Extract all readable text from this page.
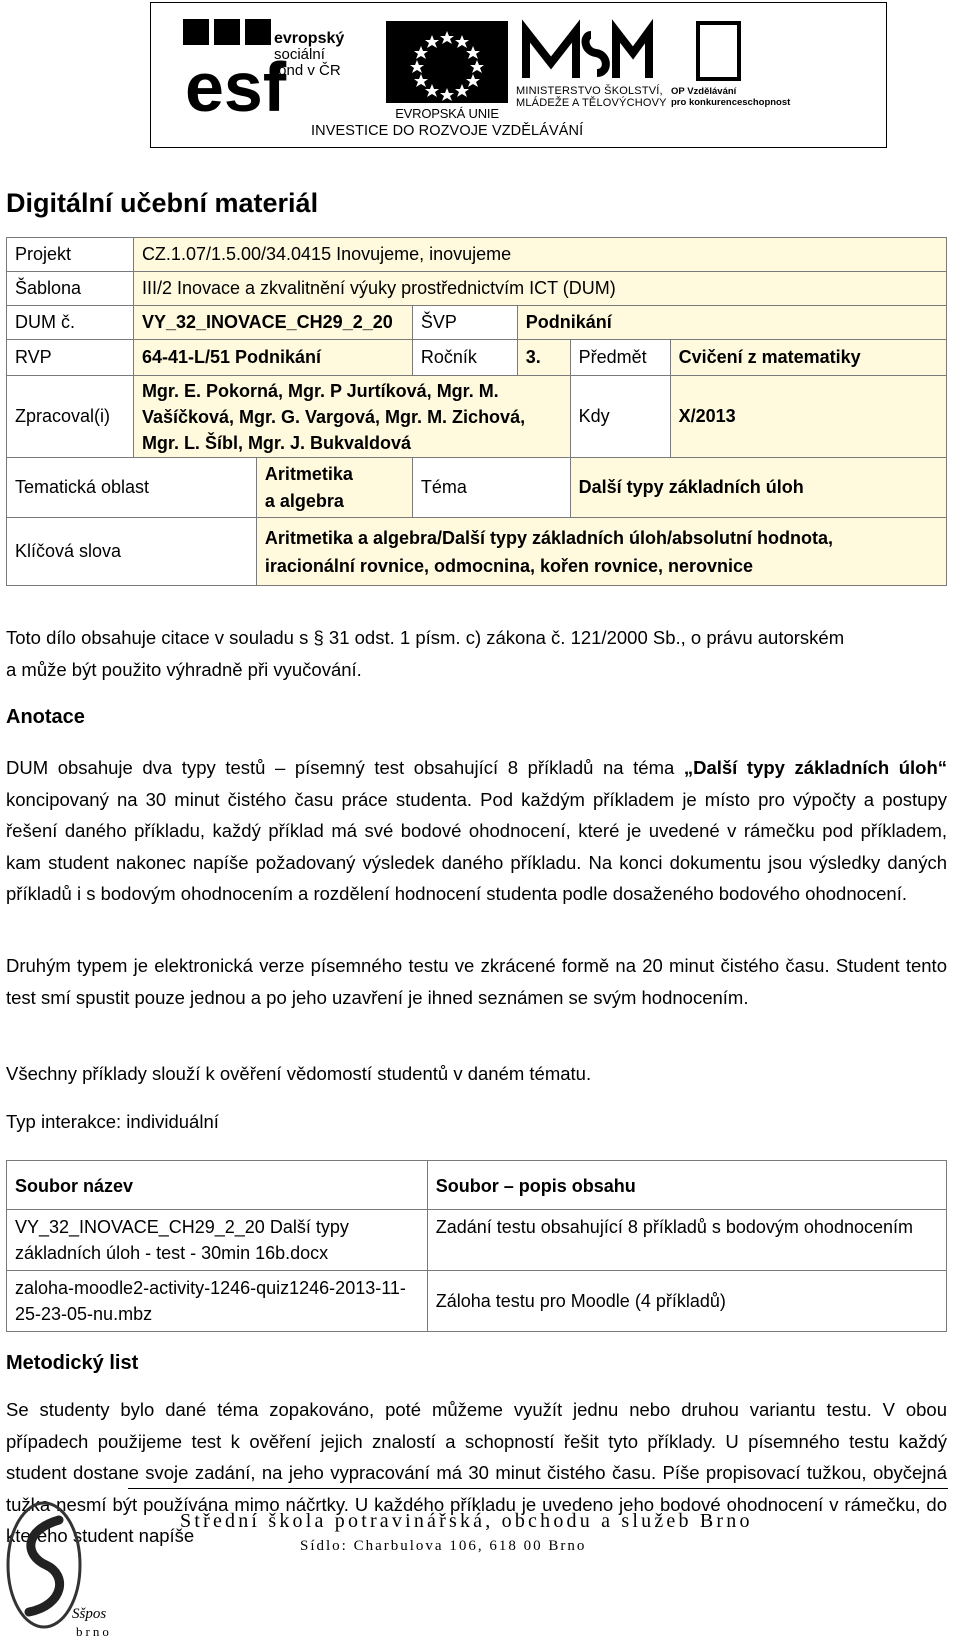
esf
evropský
sociální
fond v ČR
EVROPSKÁ UNIE
MINISTERSTVO ŠKOLSTVÍ,
MLÁDEŽE A TĚLOVÝCHOVY
OP Vzdělávání
pro konkurenceschopnost
INVESTICE DO ROZVOJE VZDĚLÁVÁNÍ
Digitální učební materiál
Projekt	CZ.1.07/1.5.00/34.0415 Inovujeme, inovujeme					
Šablona	III/2 Inovace a zkvalitnění výuky prostřednictvím ICT (DUM)					
DUM č.	VY_32_INOVACE_CH29_2_20		ŠVP	Podnikání		
RVP	64-41-L/51 Podnikání		Ročník	3.	Předmět	Cvičení z matematiky
Zpracoval(i)	Mgr. E. Pokorná, Mgr. P Jurtíková, Mgr. M.
Vašíčková, Mgr. G. Vargová, Mgr. M. Zichová,
Mgr. L. Šíbl, Mgr. J. Bukvaldová				Kdy	X/2013
Tematická oblast		Aritmetika
a algebra	Téma		Další typy základních úloh	
Klíčová slova		Aritmetika a algebra/Další typy základních úloh/absolutní hodnota,
iracionální rovnice, odmocnina, kořen rovnice, nerovnice				
Toto dílo obsahuje citace v souladu s § 31 odst. 1 písm. c) zákona č. 121/2000 Sb., o právu autorském
a může být použito výhradně při vyučování.
Anotace
DUM obsahuje dva typy testů – písemný test obsahující 8 příkladů na téma „Další typy základních úloh“ koncipovaný na 30 minut čistého času práce studenta. Pod každým příkladem je místo pro výpočty a postupy řešení daného příkladu, každý příklad má své bodové ohodnocení, které je uvedené v rámečku pod příkladem, kam student nakonec napíše požadovaný výsledek daného příkladu. Na konci dokumentu jsou výsledky daných příkladů i s bodovým ohodnocením a rozdělení hodnocení studenta podle dosaženého bodového ohodnocení.
Druhým typem je elektronická verze písemného testu ve zkrácené formě na 20 minut čistého času. Student tento test smí spustit pouze jednou a po jeho uzavření je ihned seznámen se svým hodnocením.
Všechny příklady slouží k ověření vědomostí studentů v daném tématu.
Typ interakce: individuální
Soubor název	Soubor – popis obsahu
VY_32_INOVACE_CH29_2_20 Další typy základních úloh - test - 30min 16b.docx	Zadání testu obsahující 8 příkladů s bodovým ohodnocením
zaloha-moodle2-activity-1246-quiz1246-2013-11-25-23-05-nu.mbz	Záloha testu pro Moodle (4 příkladů)
Metodický list
Se studenty bylo dané téma zopakováno, poté můžeme využít jednu nebo druhou variantu testu. V obou případech použijeme test k ověření jejich znalostí a schopností řešit tyto příklady. U písemného testu každý student dostane svoje zadání, na jeho vypracování má 30 minut čistého času. Píše propisovací tužkou, obyčejná tužka nesmí být používána mimo náčrtky. U každého příkladu je uvedeno jeho bodové ohodnocení v rámečku, do kterého student napíše
Sšpos
brno
Střední škola potravinářská, obchodu a služeb Brno
Sídlo: Charbulova 106, 618 00 Brno
